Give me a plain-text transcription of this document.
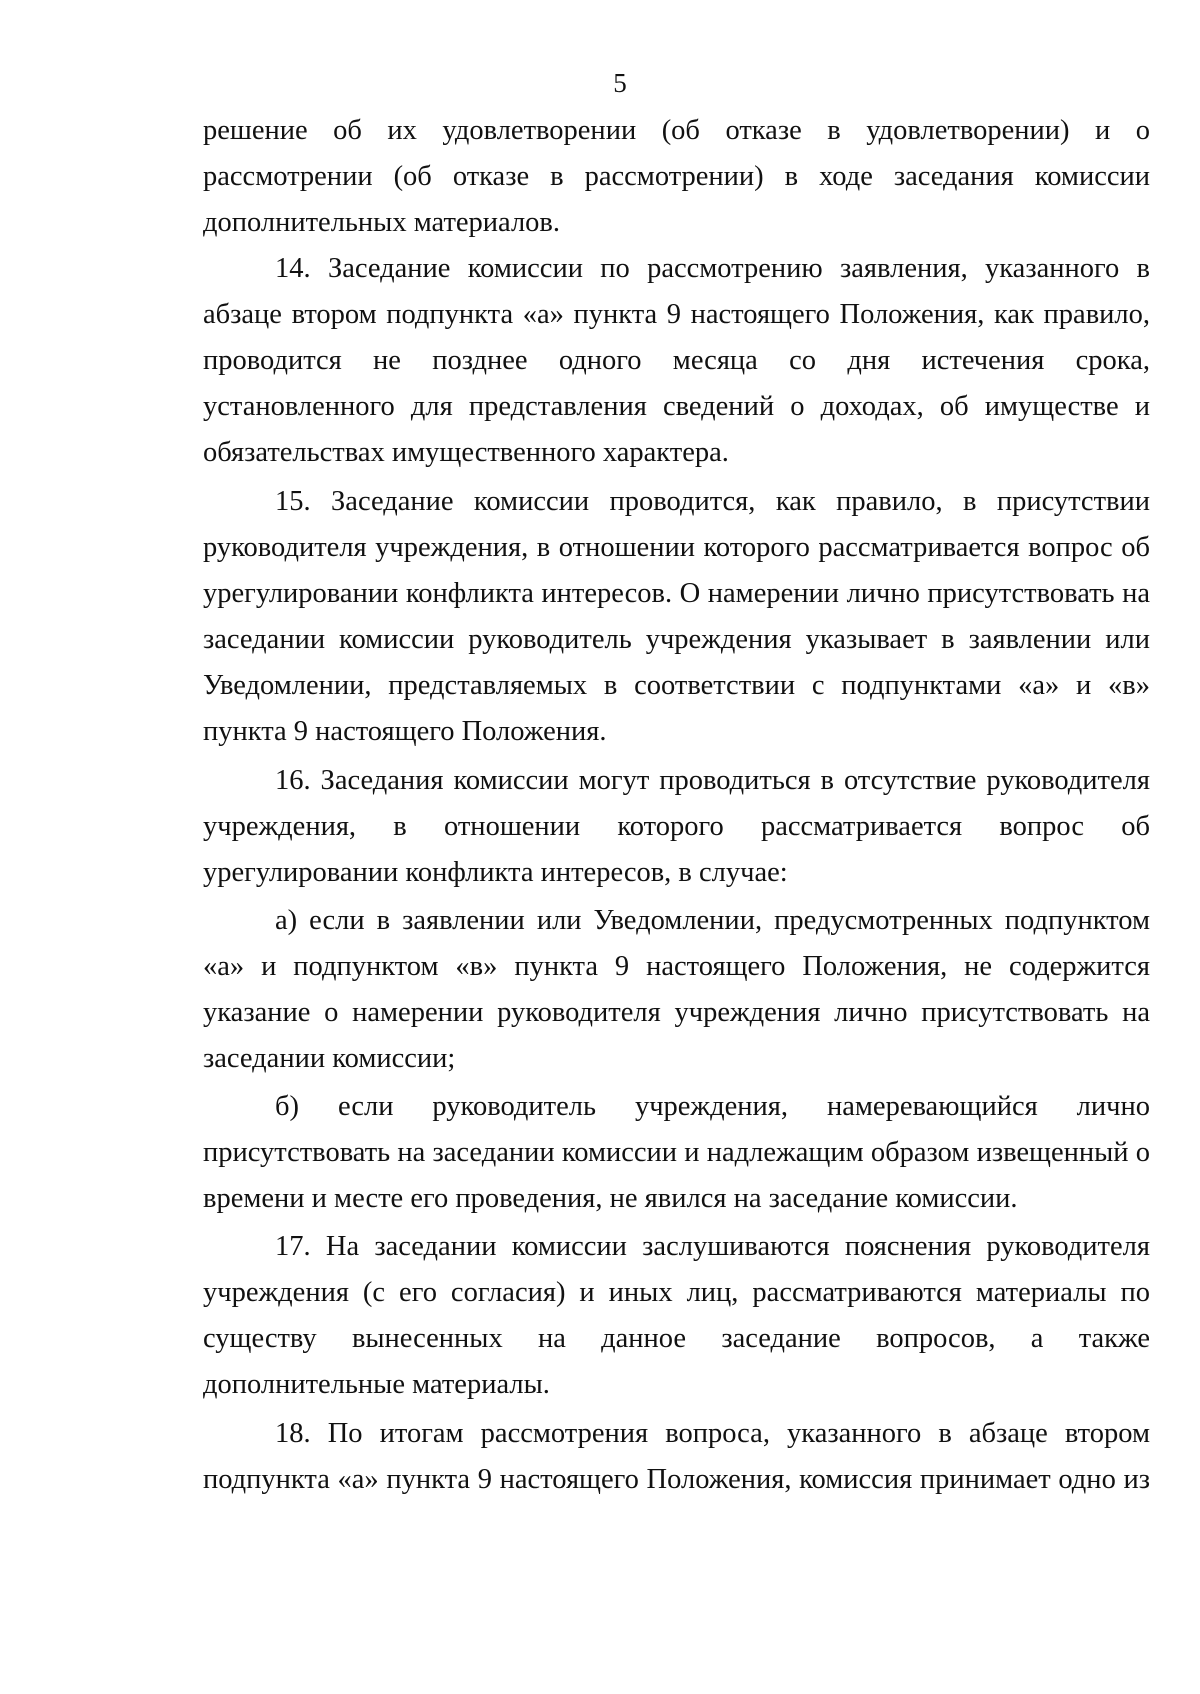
5
решение об их удовлетворении (об отказе в удовлетворении) и о
рассмотрении (об отказе в рассмотрении) в ходе заседания комиссии
дополнительных материалов.
14. Заседание комиссии по рассмотрению заявления, указанного в
абзаце втором подпункта «а» пункта 9 настоящего Положения, как правило,
проводится не позднее одного месяца со дня истечения срока,
установленного для представления сведений о доходах, об имуществе и
обязательствах имущественного характера.
15. Заседание комиссии проводится, как правило, в присутствии
руководителя учреждения, в отношении которого рассматривается вопрос об
урегулировании конфликта интересов. О намерении лично присутствовать на
заседании комиссии руководитель учреждения указывает в заявлении или
Уведомлении, представляемых в соответствии с подпунктами «а» и «в»
пункта 9 настоящего Положения.
16. Заседания комиссии могут проводиться в отсутствие руководителя
учреждения, в отношении которого рассматривается вопрос об
урегулировании конфликта интересов, в случае:
а) если в заявлении или Уведомлении, предусмотренных подпунктом
«а» и подпунктом «в» пункта 9 настоящего Положения, не содержится
указание о намерении руководителя учреждения лично присутствовать на
заседании комиссии;
б) если руководитель учреждения, намеревающийся лично
присутствовать на заседании комиссии и надлежащим образом извещенный о
времени и месте его проведения, не явился на заседание комиссии.
17. На заседании комиссии заслушиваются пояснения руководителя
учреждения (с его согласия) и иных лиц, рассматриваются материалы по
существу вынесенных на данное заседание вопросов, а также
дополнительные материалы.
18. По итогам рассмотрения вопроса, указанного в абзаце втором
подпункта «а» пункта 9 настоящего Положения, комиссия принимает одно из
